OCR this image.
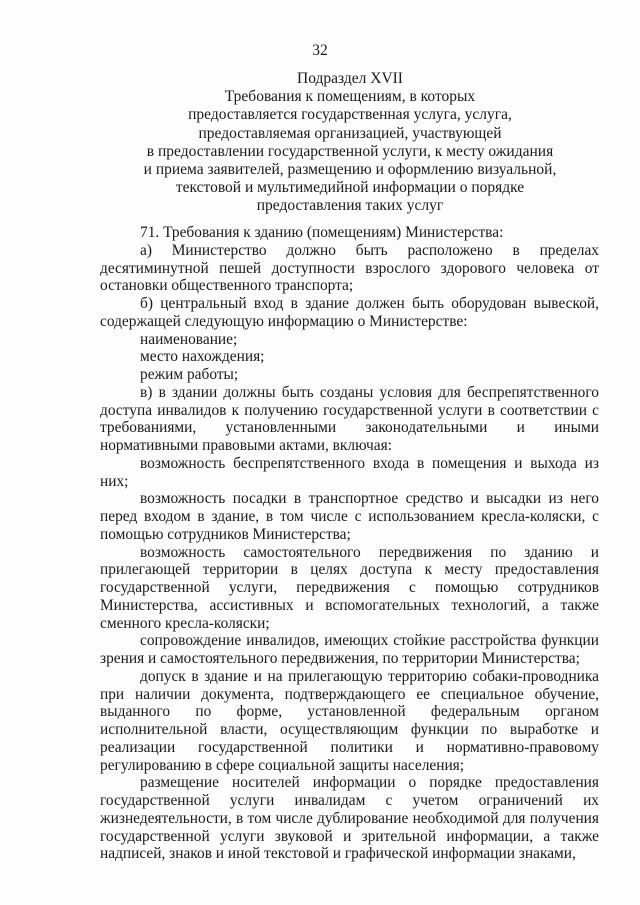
32
Подраздел XVII
Требования к помещениям, в которых
предоставляется государственная услуга, услуга,
предоставляемая организацией, участвующей
в предоставлении государственной услуги, к месту ожидания
и приема заявителей, размещению и оформлению визуальной,
текстовой и мультимедийной информации о порядке
предоставления таких услуг

71. Требования к зданию (помещениям) Министерства:

а) Министерство должно быть расположено в пределах десятиминутной пешей доступности взрослого здорового человека от остановки общественного транспорта;

б) центральный вход в здание должен быть оборудован вывеской, содержащей следующую информацию о Министерстве:

наименование;

место нахождения;

режим работы;

в) в здании должны быть созданы условия для беспрепятственного доступа инвалидов к получению государственной услуги в соответствии с требованиями, установленными законодательными и иными нормативными правовыми актами, включая:

возможность беспрепятственного входа в помещения и выхода из них;

возможность посадки в транспортное средство и высадки из него перед входом в здание, в том числе с использованием кресла-коляски, с помощью сотрудников Министерства;

возможность самостоятельного передвижения по зданию и прилегающей территории в целях доступа к месту предоставления государственной услуги, передвижения с помощью сотрудников Министерства, ассистивных и вспомогательных технологий, а также сменного кресла-коляски;

сопровождение инвалидов, имеющих стойкие расстройства функции зрения и самостоятельного передвижения, по территории Министерства;

допуск в здание и на прилегающую территорию собаки-проводника при наличии документа, подтверждающего ее специальное обучение, выданного по форме, установленной федеральным органом исполнительной власти, осуществляющим функции по выработке и реализации государственной политики и нормативно-правовому регулированию в сфере социальной защиты населения;

размещение носителей информации о порядке предоставления государственной услуги инвалидам с учетом ограничений их жизнедеятельности, в том числе дублирование необходимой для получения государственной услуги звуковой и зрительной информации, а также надписей, знаков и иной текстовой и графической информации знаками,
